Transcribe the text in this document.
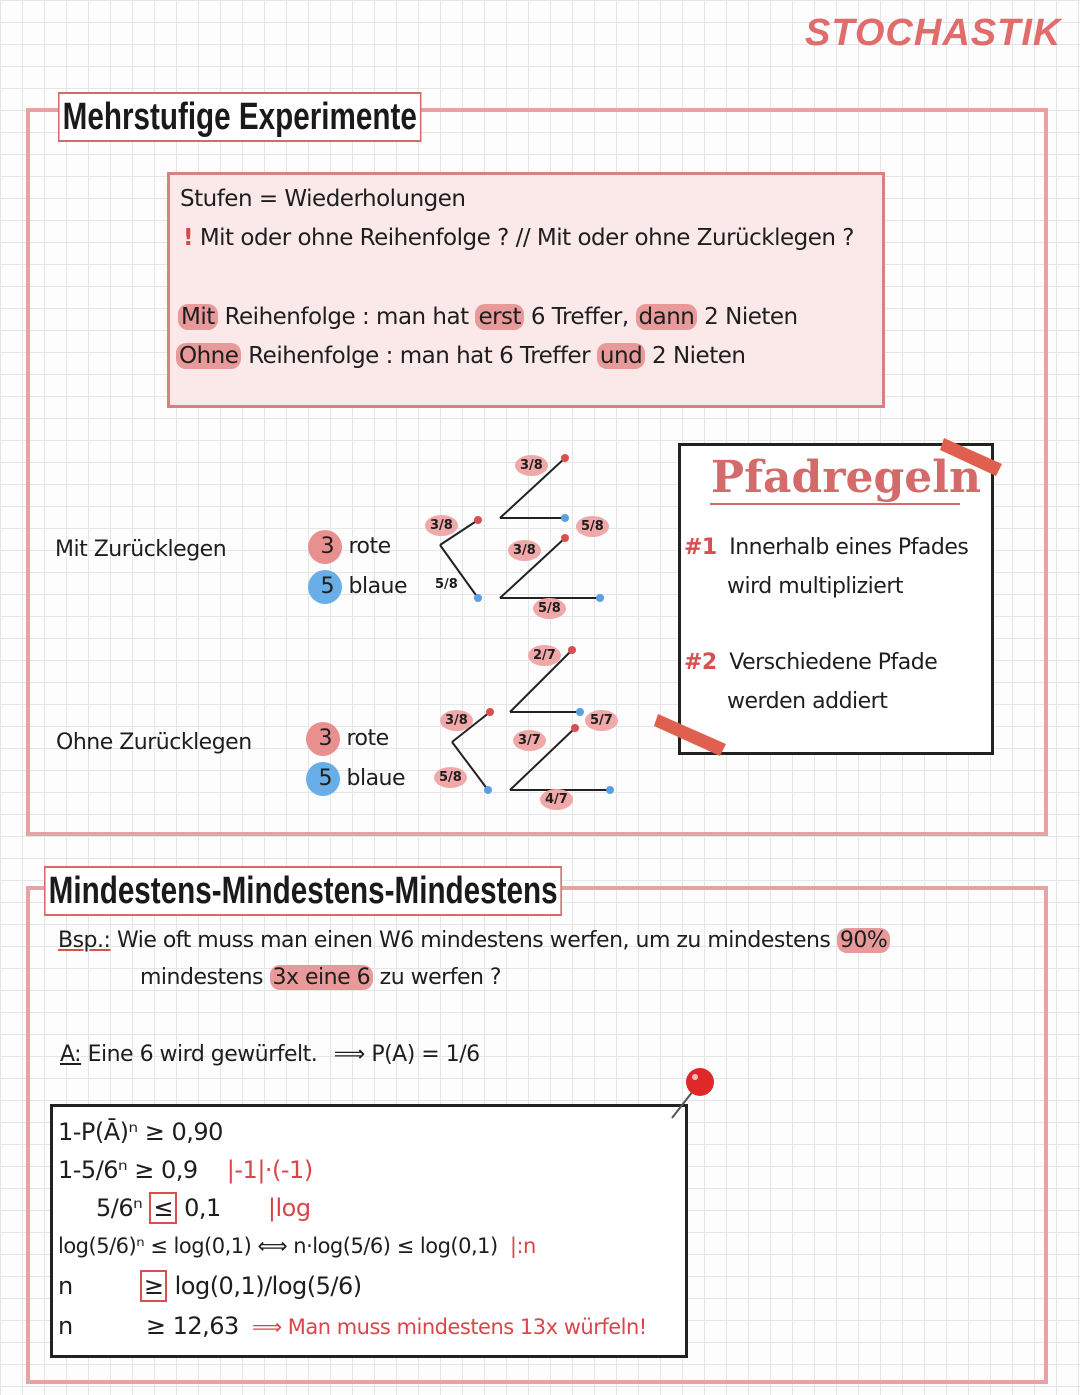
STOCHASTIK
Mehrstufige Experimente
Stufen = Wiederholungen
! Mit oder ohne Reihenfolge ? // Mit oder ohne Zurücklegen ?
Mit Reihenfolge : man hat erst 6 Treffer, dann 2 Nieten
Ohne Reihenfolge : man hat 6 Treffer und 2 Nieten
Mit Zurücklegen	3 rote
5 blaue
3/8
5/8
3/8
3/8
5/8
5/8
Ohne Zurücklegen	3 rote
5 blaue
3/8
5/8
2/7
3/7
5/7
4/7
Pfadregeln
#1 Innerhalb eines Pfades
wird multipliziert
#2 Verschiedene Pfade
werden addiert
Mindestens-Mindestens-Mindestens
Bsp.: Wie oft muss man einen W6 mindestens werfen, um zu mindestens 90%
mindestens 3x eine 6 zu werfen ?
A: Eine 6 wird gewürfelt. ⟹ P(A) = 1/6
1-P(Ā)ⁿ ≥ 0,90
1-5/6ⁿ ≥ 0,9 |-1|·(-1)
5/6ⁿ ≤ 0,1 |log
log(5/6)ⁿ ≤ log(0,1) ⟺ n·log(5/6) ≤ log(0,1) |:n
n	≥ log(0,1)/log(5/6)
n	≥ 12,63 ⟹ Man muss mindestens 13x würfeln!
